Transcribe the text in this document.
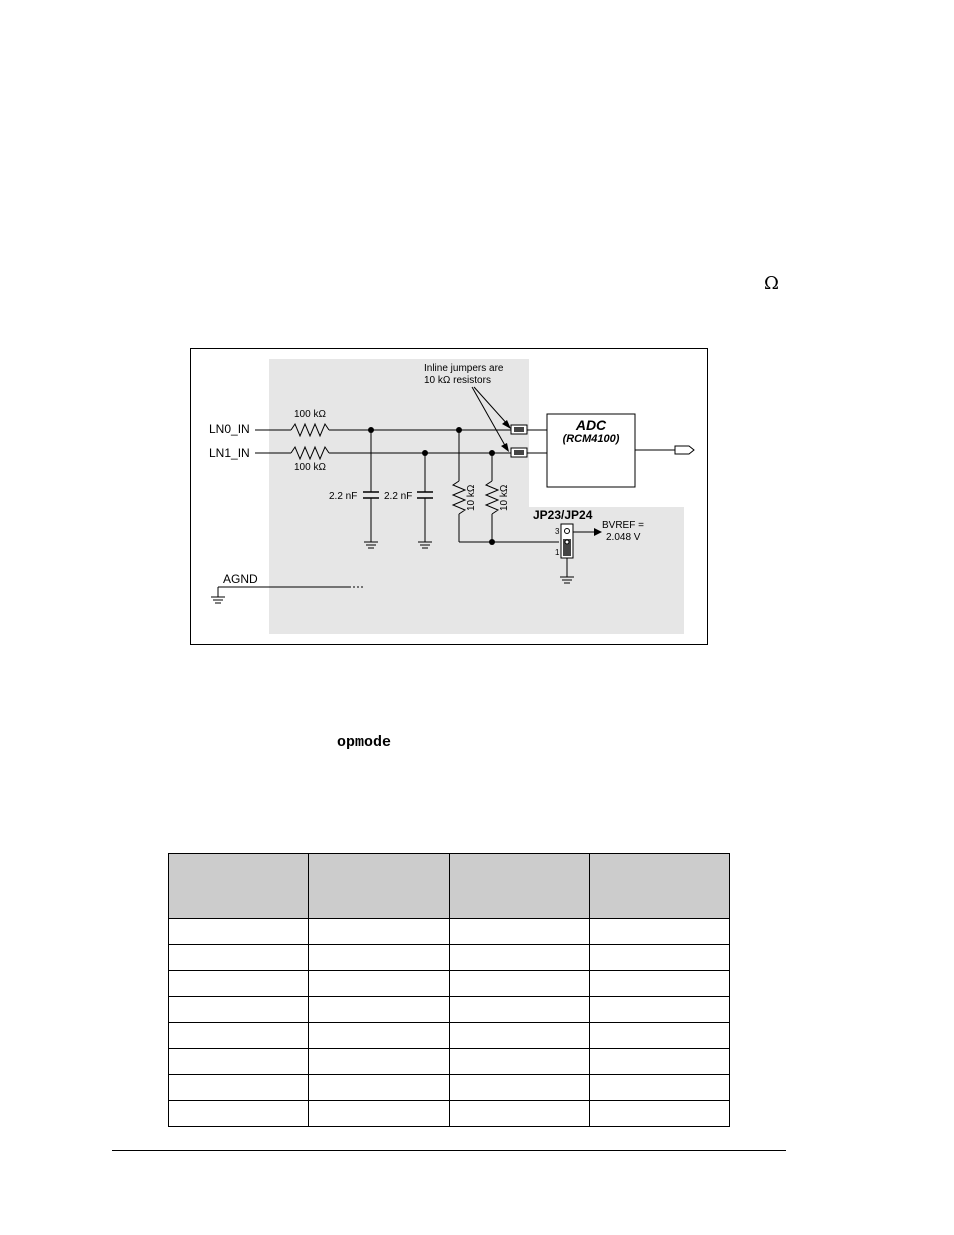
Ω
LN0_IN
LN1_IN
100 kΩ
100 kΩ
2.2 nF	2.2 nF	10 kΩ 10 kΩ
Inline jumpers are
10 kΩ resistors
ADC
(RCM4100)
JP23/JP24
3
1
BVREF =
2.048 V
AGND
opmode
